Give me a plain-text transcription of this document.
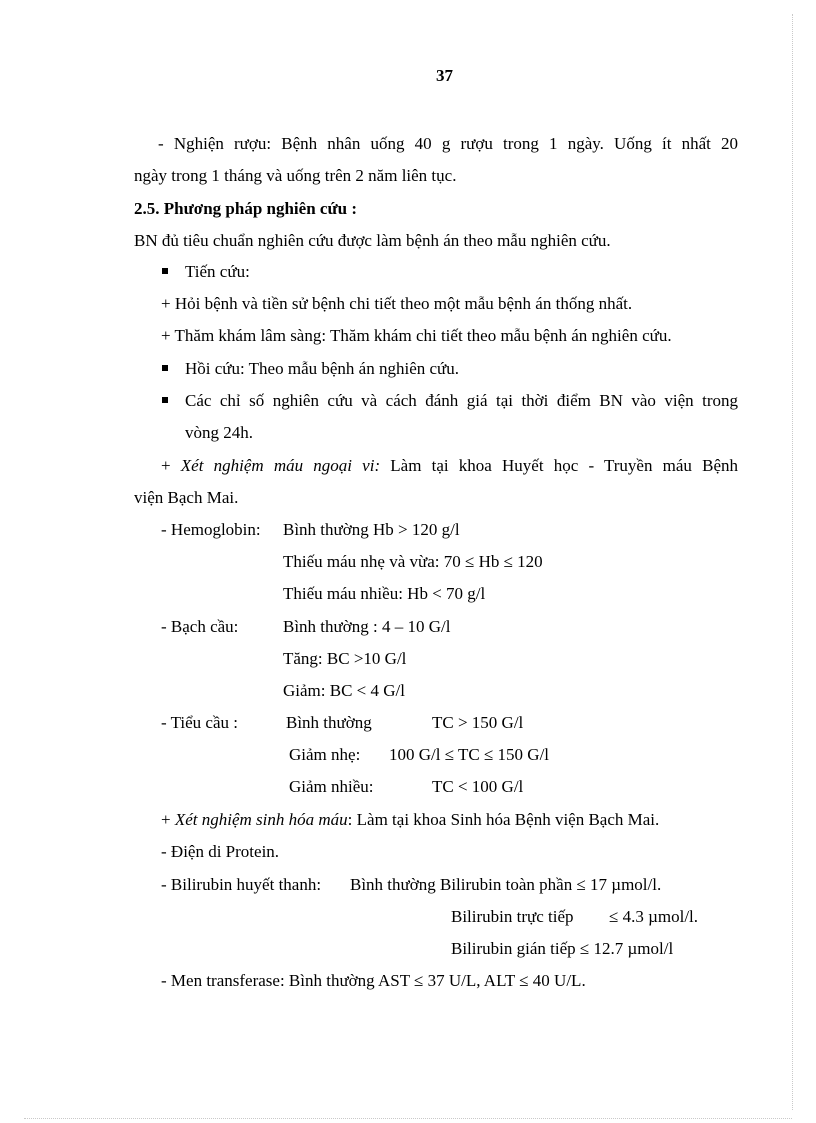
37
- Nghiện rượu: Bệnh nhân uống 40 g rượu trong 1 ngày. Uống ít nhất 20
ngày trong 1 tháng và uống trên 2 năm liên tục.
2.5. Phương pháp nghiên cứu :
BN đủ tiêu chuẩn nghiên cứu được làm bệnh án theo mẫu nghiên cứu.
Tiến cứu:
+ Hỏi bệnh và tiền sử bệnh chi tiết theo một mẫu bệnh án thống nhất.
+ Thăm khám lâm sàng: Thăm khám chi tiết theo mẫu bệnh án nghiên cứu.
Hồi cứu: Theo mẫu bệnh án nghiên cứu.
Các chỉ số nghiên cứu và cách đánh giá tại thời điểm BN vào viện trong
vòng 24h.
+ Xét nghiệm máu ngoại vi: Làm tại khoa Huyết học - Truyền máu Bệnh
viện Bạch Mai.
- Hemoglobin: Bình thường Hb > 120 g/l
Thiếu máu nhẹ và vừa: 70 ≤ Hb ≤ 120
Thiếu máu nhiều: Hb < 70 g/l
- Bạch cầu:	Bình thường : 4 – 10 G/l
Tăng: BC >10 G/l
Giảm: BC < 4 G/l
- Tiểu cầu :	Bình thường	TC > 150 G/l
Giảm nhẹ: 100 G/l ≤ TC ≤ 150 G/l
Giảm nhiều:	TC < 100 G/l
+ Xét nghiệm sinh hóa máu: Làm tại khoa Sinh hóa Bệnh viện Bạch Mai.
- Điện di Protein.
- Bilirubin huyết thanh: Bình thường Bilirubin toàn phần ≤ 17 µmol/l.
Bilirubin trực tiếp ≤ 4.3 µmol/l.
Bilirubin gián tiếp ≤ 12.7 µmol/l
- Men transferase: Bình thường AST ≤ 37 U/L, ALT ≤ 40 U/L.
